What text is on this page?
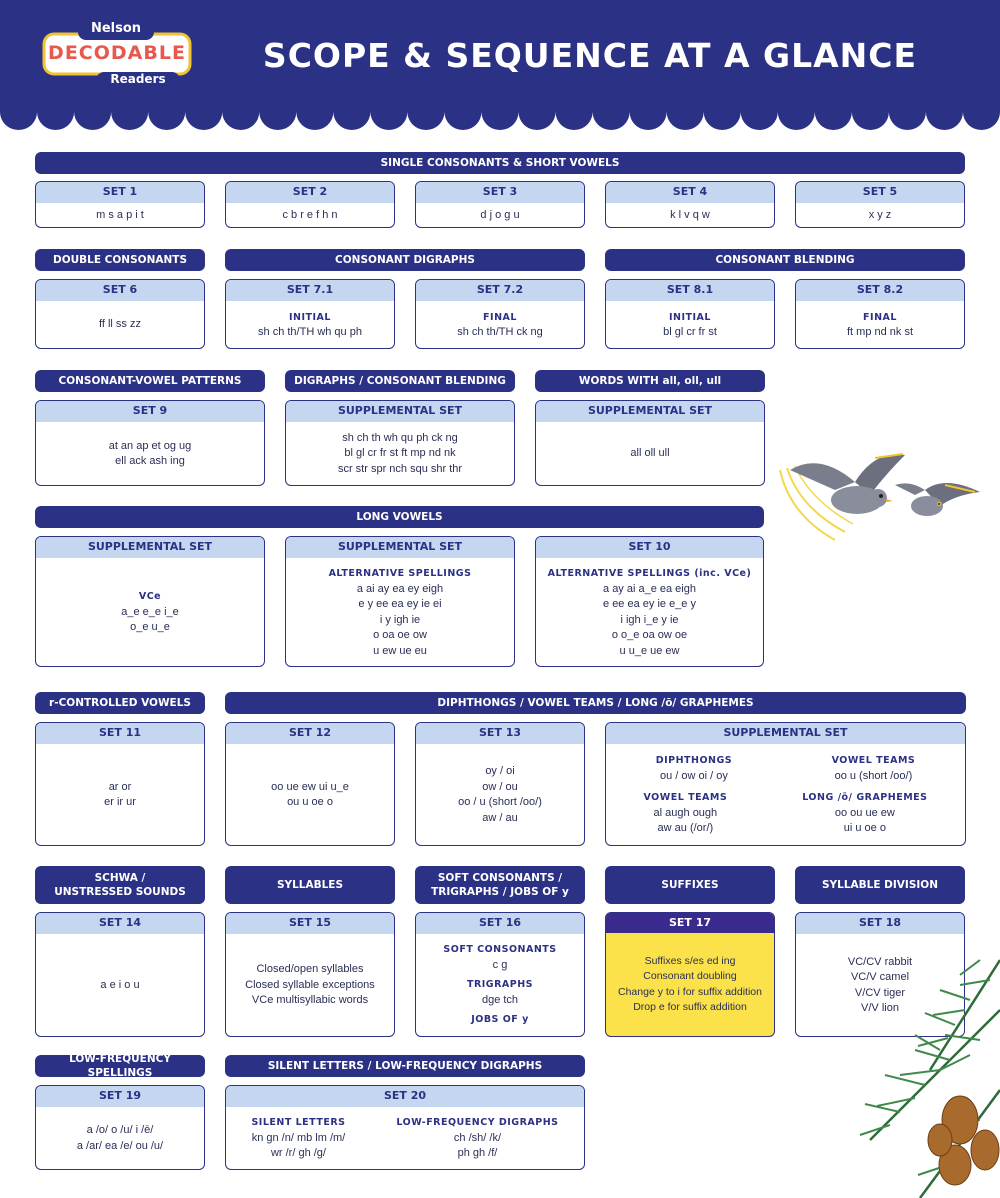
Nelson
DECODABLE
Readers
SCOPE & SEQUENCE AT A GLANCE
SINGLE CONSONANTS & SHORT VOWELS
SET 1
m s a p i t
SET 2
c b r e f h n
SET 3
d j o g u
SET 4
k l v q w
SET 5
x y z
DOUBLE CONSONANTS	CONSONANT DIGRAPHS	CONSONANT BLENDING
SET 6
ff ll ss zz
SET 7.1
INITIAL
sh ch th/TH wh qu ph
SET 7.2
FINAL
sh ch th/TH ck ng
SET 8.1
INITIAL
bl gl cr fr st
SET 8.2
FINAL
ft mp nd nk st
CONSONANT-VOWEL PATTERNS	DIGRAPHS / CONSONANT BLENDING	WORDS WITH all, oll, ull
SET 9
at an ap et og ug
ell ack ash ing
SUPPLEMENTAL SET
sh ch th wh qu ph ck ng
bl gl cr fr st ft mp nd nk
scr str spr nch squ shr thr
SUPPLEMENTAL SET
all oll ull
LONG VOWELS
SUPPLEMENTAL SET
VCe
a_e e_e i_e
o_e u_e
SUPPLEMENTAL SET
ALTERNATIVE SPELLINGS
a ai ay ea ey eigh
e y ee ea ey ie ei
i y igh ie
o oa oe ow
u ew ue eu
SET 10
ALTERNATIVE SPELLINGS (inc. VCe)
a ay ai a_e ea eigh
e ee ea ey ie e_e y
i igh i_e y ie
o o_e oa ow oe
u u_e ue ew
r-CONTROLLED VOWELS	DIPHTHONGS / VOWEL TEAMS / LONG /ō/ GRAPHEMES
SET 11
ar or
er ir ur
SET 12
oo ue ew ui u_e
ou u oe o
SET 13
oy / oi
ow / ou
oo / u (short /oo/)
aw / au
SUPPLEMENTAL SET
DIPHTHONGS
ou / ow oi / oy
VOWEL TEAMS
oo u (short /oo/)
VOWEL TEAMS
al augh ough
aw au (/or/)
LONG /ō/ GRAPHEMES
oo ou ue ew
ui u oe o
SCHWA /
UNSTRESSED SOUNDS
SYLLABLES
SOFT CONSONANTS /
TRIGRAPHS / JOBS OF y
SUFFIXES	SYLLABLE DIVISION
SET 14
a e i o u
SET 15
Closed/open syllables
Closed syllable exceptions
VCe multisyllabic words
SET 16
SOFT CONSONANTS
c g
TRIGRAPHS
dge tch
JOBS OF y
SET 17
Suffixes s/es ed ing
Consonant doubling
Change y to i for suffix addition
Drop e for suffix addition
SET 18
VC/CV rabbit
VC/V camel
V/CV tiger
V/V lion
LOW-FREQUENCY SPELLINGS
SILENT LETTERS / LOW-FREQUENCY DIGRAPHS
SET 19
a /o/ o /u/ i /ē/
a /ar/ ea /e/ ou /u/
SET 20
SILENT LETTERS
kn gn /n/ mb lm /m/
wr /r/ gh /g/
LOW-FREQUENCY DIGRAPHS
ch /sh/ /k/
ph gh /f/
